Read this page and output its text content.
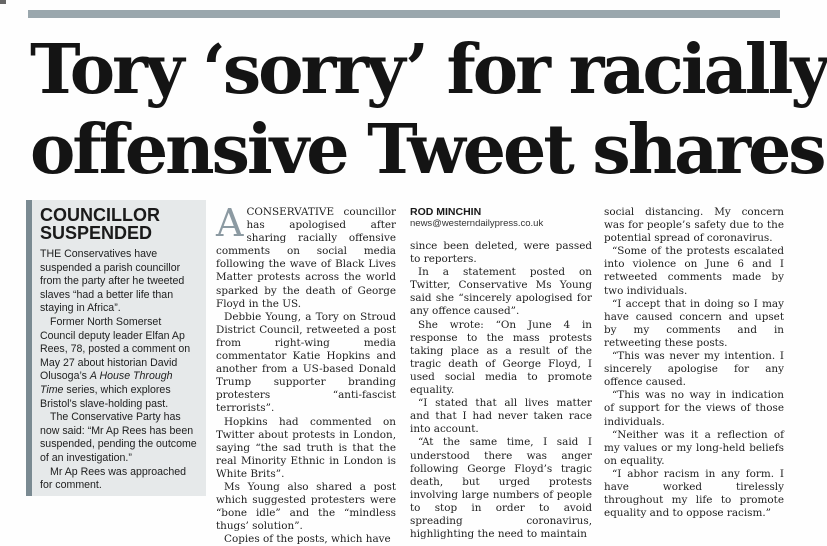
Tory ‘sorry’ for racially
offensive Tweet shares
COUNCILLOR
SUSPENDED

THE Conservatives have suspended a parish councillor from the party after he tweeted slaves “had a better life than staying in Africa”.

Former North Somerset Council deputy leader Elfan Ap Rees, 78, posted a comment on May 27 about historian David Olusoga’s A House Through Time series, which explores Bristol’s slave-holding past.

The Conservative Party has now said: “Mr Ap Rees has been suspended, pending the outcome of an investigation.”

Mr Ap Rees was approached for comment.

ACONSERVATIVE councillor has apologised after sharing racially offensive comments on social media following the wave of Black Lives Matter protests across the world sparked by the death of George Floyd in the US.

Debbie Young, a Tory on Stroud District Council, retweeted a post from right-wing media commentator Katie Hopkins and another from a US-based Donald Trump supporter branding protesters “anti-fascist terrorists”.

Hopkins had commented on Twitter about protests in London, saying “the sad truth is that the real Minority Ethnic in London is White Brits”.

Ms Young also shared a post which suggested protesters were “bone idle” and the “mindless thugs’ solution”.

Copies of the posts, which have

ROD MINCHIN
news@westerndailypress.co.uk

since been deleted, were passed to reporters.

In a statement posted on Twitter, Conservative Ms Young said she “sincerely apologised for any offence caused”.

She wrote: “On June 4 in response to the mass protests taking place as a result of the tragic death of George Floyd, I used social media to promote equality.

“I stated that all lives matter and that I had never taken race into account.

“At the same time, I said I understood there was anger following George Floyd’s tragic death, but urged protests involving large numbers of people to stop in order to avoid spreading coronavirus, highlighting the need to maintain

social distancing. My concern was for people’s safety due to the potential spread of coronavirus.

“Some of the protests escalated into violence on June 6 and I retweeted comments made by two individuals.

“I accept that in doing so I may have caused concern and upset by my comments and in retweeting these posts.

“This was never my intention. I sincerely apologise for any offence caused.

“This was no way in indication of support for the views of those individuals.

“Neither was it a reflection of my values or my long-held beliefs on equality.

“I abhor racism in any form. I have worked tirelessly throughout my life to promote equality and to oppose racism.”
